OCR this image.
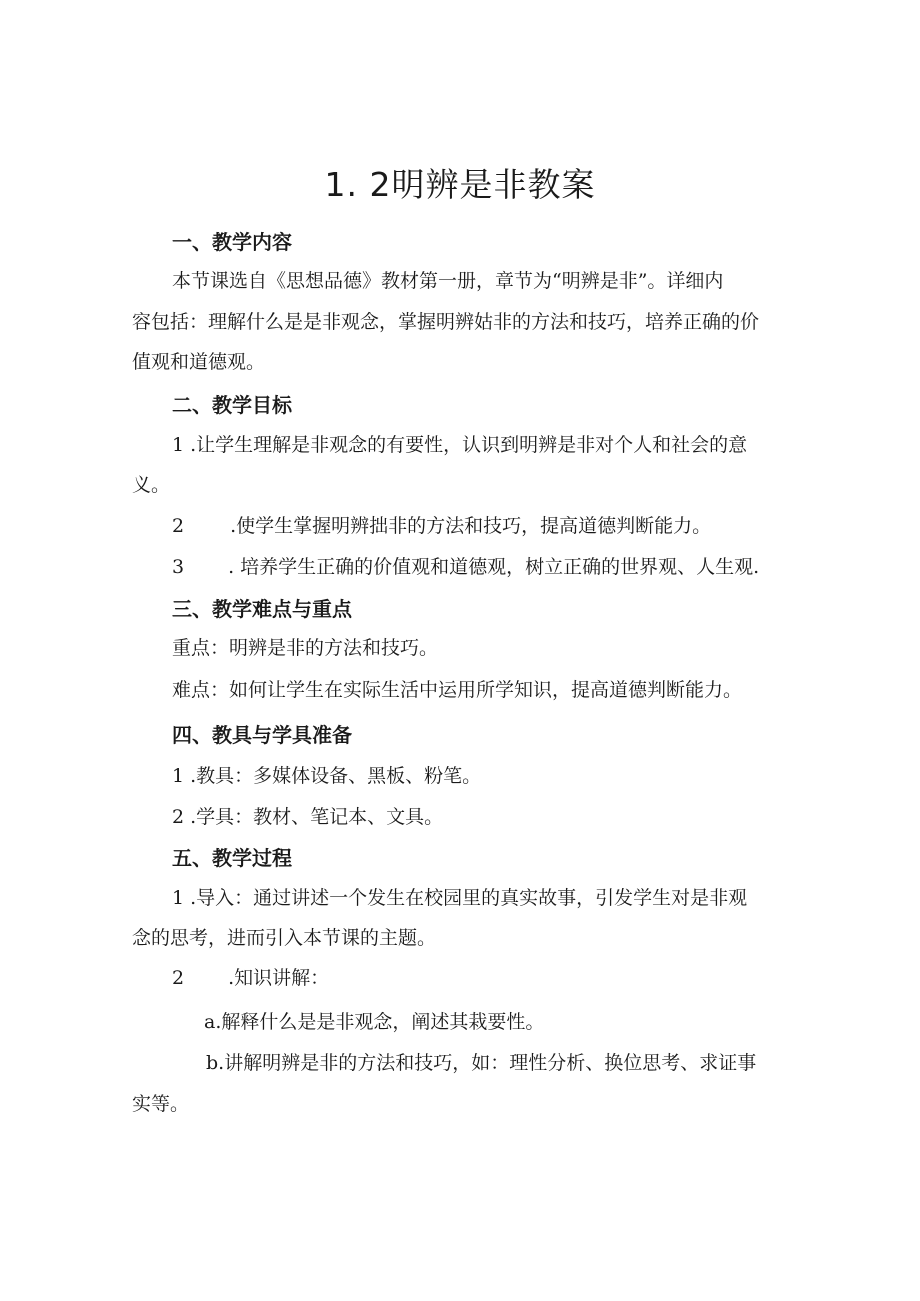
1. 2明辨是非教案
一、教学内容
本节课选自《思想品德》教材第一册，章节为“明辨是非”。详细内
容包括：理解什么是是非观念，掌握明辨姑非的方法和技巧，培养正确的价
值观和道德观。
二、教学目标
1 .让学生理解是非观念的有要性，认识到明辨是非对个人和社会的意
义。
2 .使学生掌握明辨拙非的方法和技巧，提高道德判断能力。
3 . 培养学生正确的价值观和道德观，树立正确的世界观、人生观.
三、教学难点与重点
重点：明辨是非的方法和技巧。
难点：如何让学生在实际生活中运用所学知识，提高道德判断能力。
四、教具与学具准备
1 .教具：多媒体设备、黑板、粉笔。
2 .学具：教材、笔记本、文具。
五、教学过程
1 .导入：通过讲述一个发生在校园里的真实故事，引发学生对是非观
念的思考，进而引入本节课的主题。
2 .知识讲解：
a.解释什么是是非观念，阐述其栽要性。
b.讲解明辨是非的方法和技巧，如：理性分析、换位思考、求证事
实等。
